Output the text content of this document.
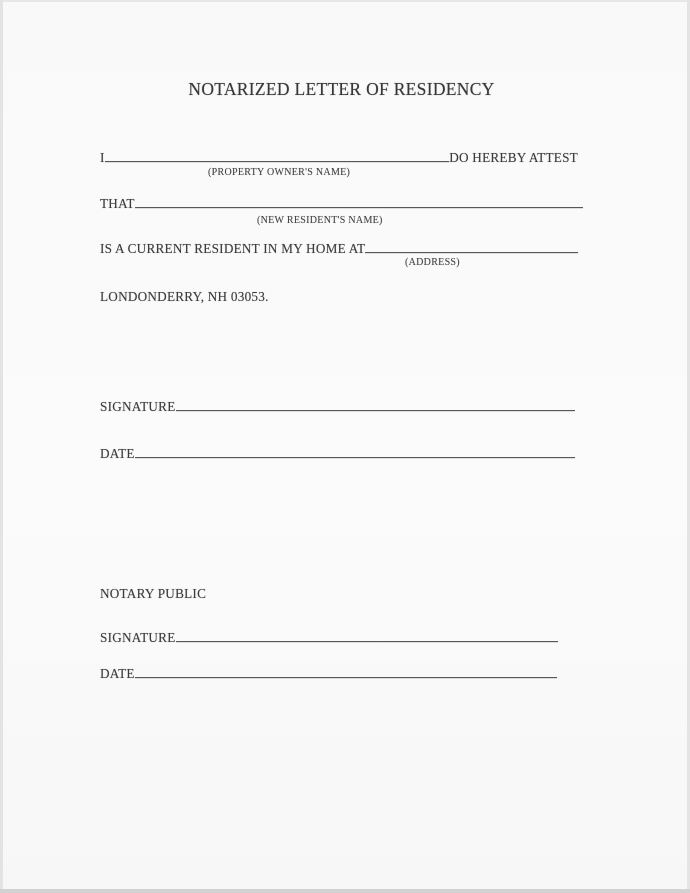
NOTARIZED LETTER OF RESIDENCY
I	DO HEREBY ATTEST
(PROPERTY OWNER'S NAME)
THAT
(NEW RESIDENT'S NAME)
IS A CURRENT RESIDENT IN MY HOME AT
(ADDRESS)
LONDONDERRY, NH 03053.
SIGNATURE
DATE
NOTARY PUBLIC
SIGNATURE
DATE
